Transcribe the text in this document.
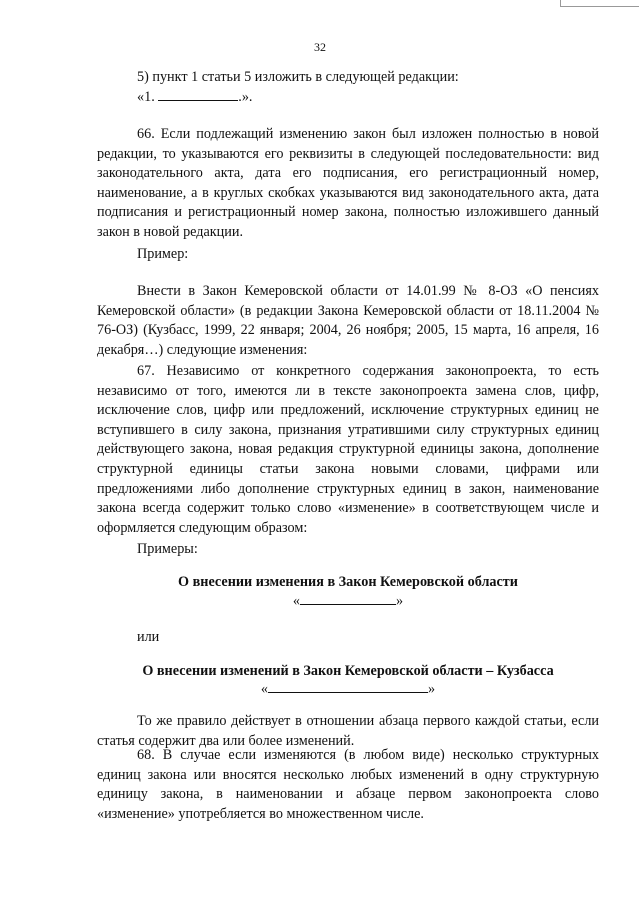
32
5) пункт 1 статьи 5 изложить в следующей редакции:
«1.	.».
66. Если подлежащий изменению закон был изложен полностью в новой редакции, то указываются его реквизиты в следующей последовательности: вид законодательного акта, дата его подписания, его регистрационный номер, наименование, а в круглых скобках указываются вид законодательного акта, дата подписания и регистрационный номер закона, полностью изложившего данный закон в новой редакции.
Пример:
Внести в Закон Кемеровской области от 14.01.99 № 8-ОЗ «О пенсиях Кемеровской области» (в редакции Закона Кемеровской области от 18.11.2004 № 76-ОЗ) (Кузбасс, 1999, 22 января; 2004, 26 ноября; 2005, 15 марта, 16 апреля, 16 декабря…) следующие изменения:
67. Независимо от конкретного содержания законопроекта, то есть независимо от того, имеются ли в тексте законопроекта замена слов, цифр, исключение слов, цифр или предложений, исключение структурных единиц не вступившего в силу закона, признания утратившими силу структурных единиц действующего закона, новая редакция структурной единицы закона, дополнение структурной единицы статьи закона новыми словами, цифрами или предложениями либо дополнение структурных единиц в закон, наименование закона всегда содержит только слово «изменение» в соответствующем числе и оформляется следующим образом:
Примеры:
О внесении изменения в Закон Кемеровской области
«	»
или
О внесении изменений в Закон Кемеровской области – Кузбасса
«	»
То же правило действует в отношении абзаца первого каждой статьи, если статья содержит два или более изменений.
68. В случае если изменяются (в любом виде) несколько структурных единиц закона или вносятся несколько любых изменений в одну структурную единицу закона, в наименовании и абзаце первом законопроекта слово «изменение» употребляется во множественном числе.
